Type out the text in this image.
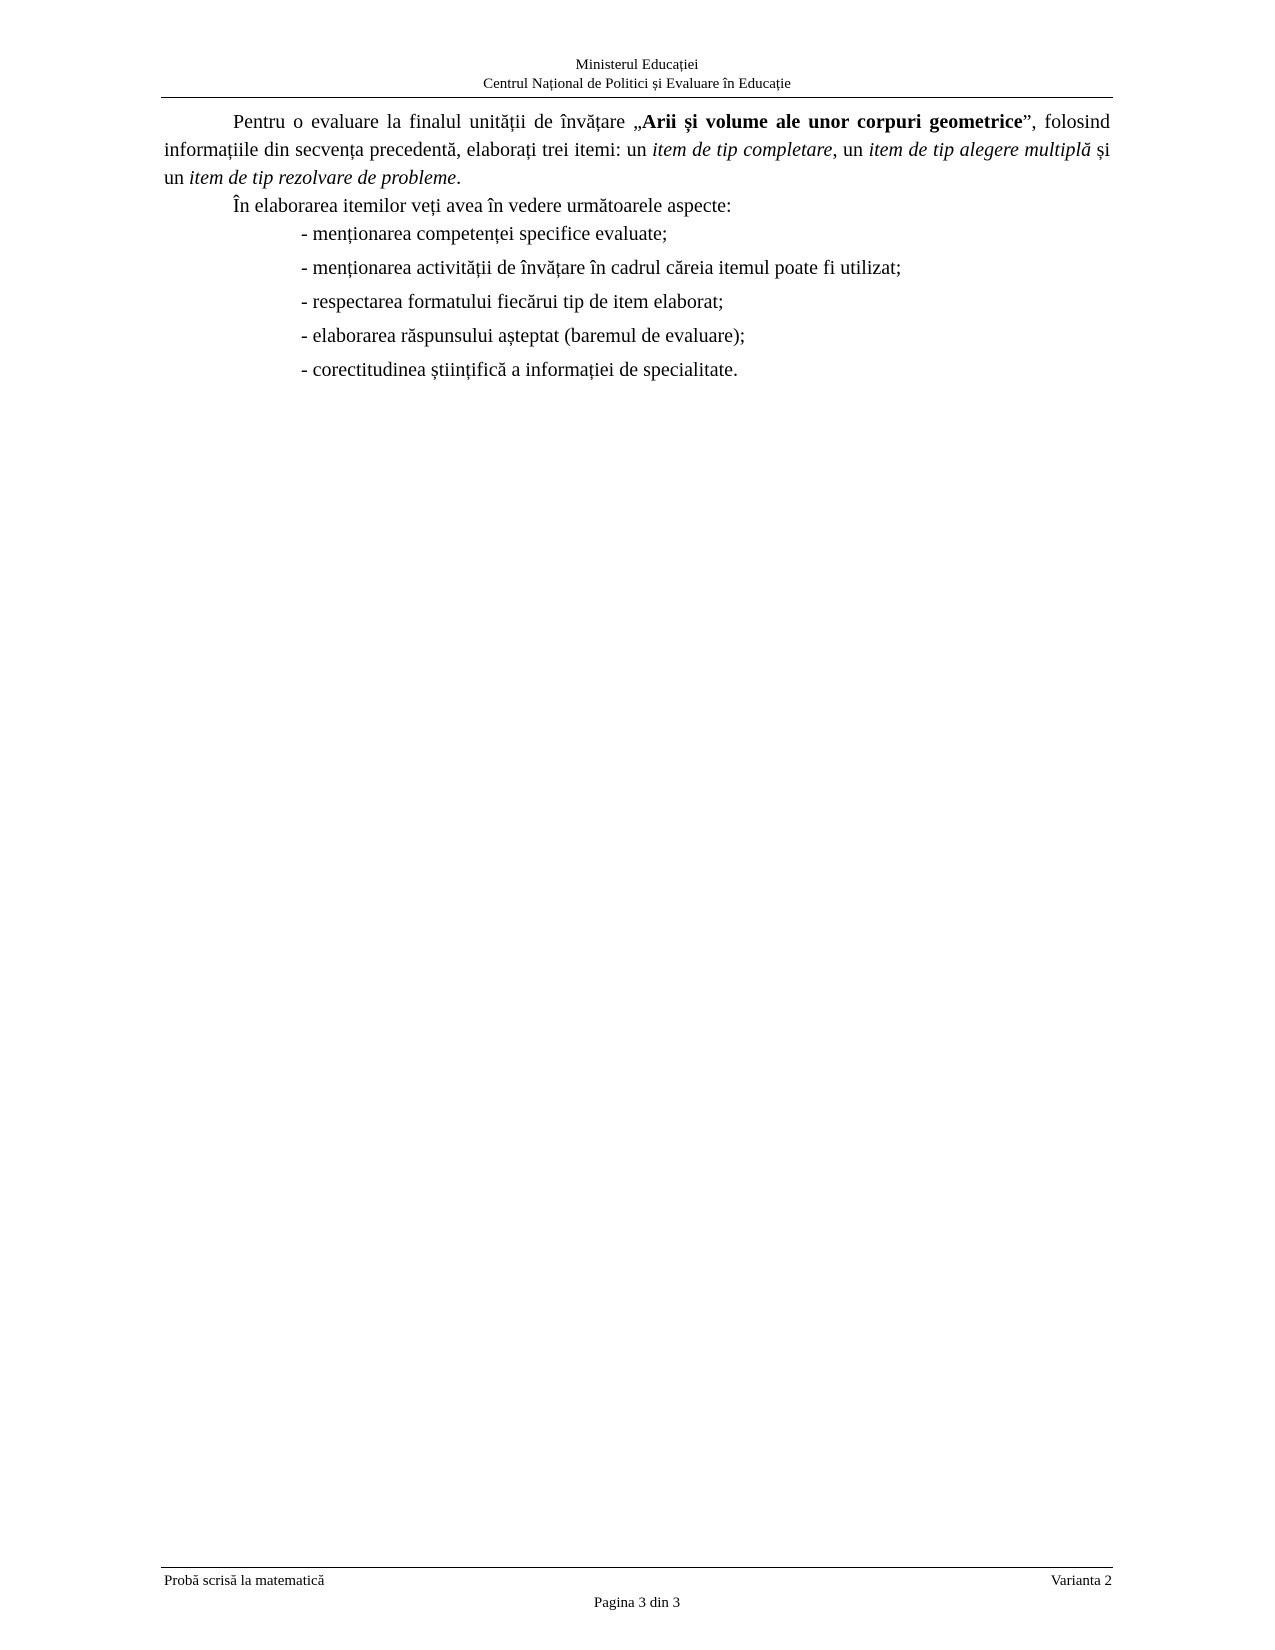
Ministerul Educației
Centrul Național de Politici și Evaluare în Educație

Pentru o evaluare la finalul unității de învățare „Arii și volume ale unor corpuri geometrice”, folosind informațiile din secvența precedentă, elaborați trei itemi: un item de tip completare, un item de tip alegere multiplă și un item de tip rezolvare de probleme.

În elaborarea itemilor veți avea în vedere următoarele aspecte:

- menționarea competenței specifice evaluate;
- menționarea activității de învățare în cadrul căreia itemul poate fi utilizat;
- respectarea formatului fiecărui tip de item elaborat;
- elaborarea răspunsului așteptat (baremul de evaluare);
- corectitudinea științifică a informației de specialitate.
Probă scrisă la matematică	Varianta 2
Pagina 3 din 3
